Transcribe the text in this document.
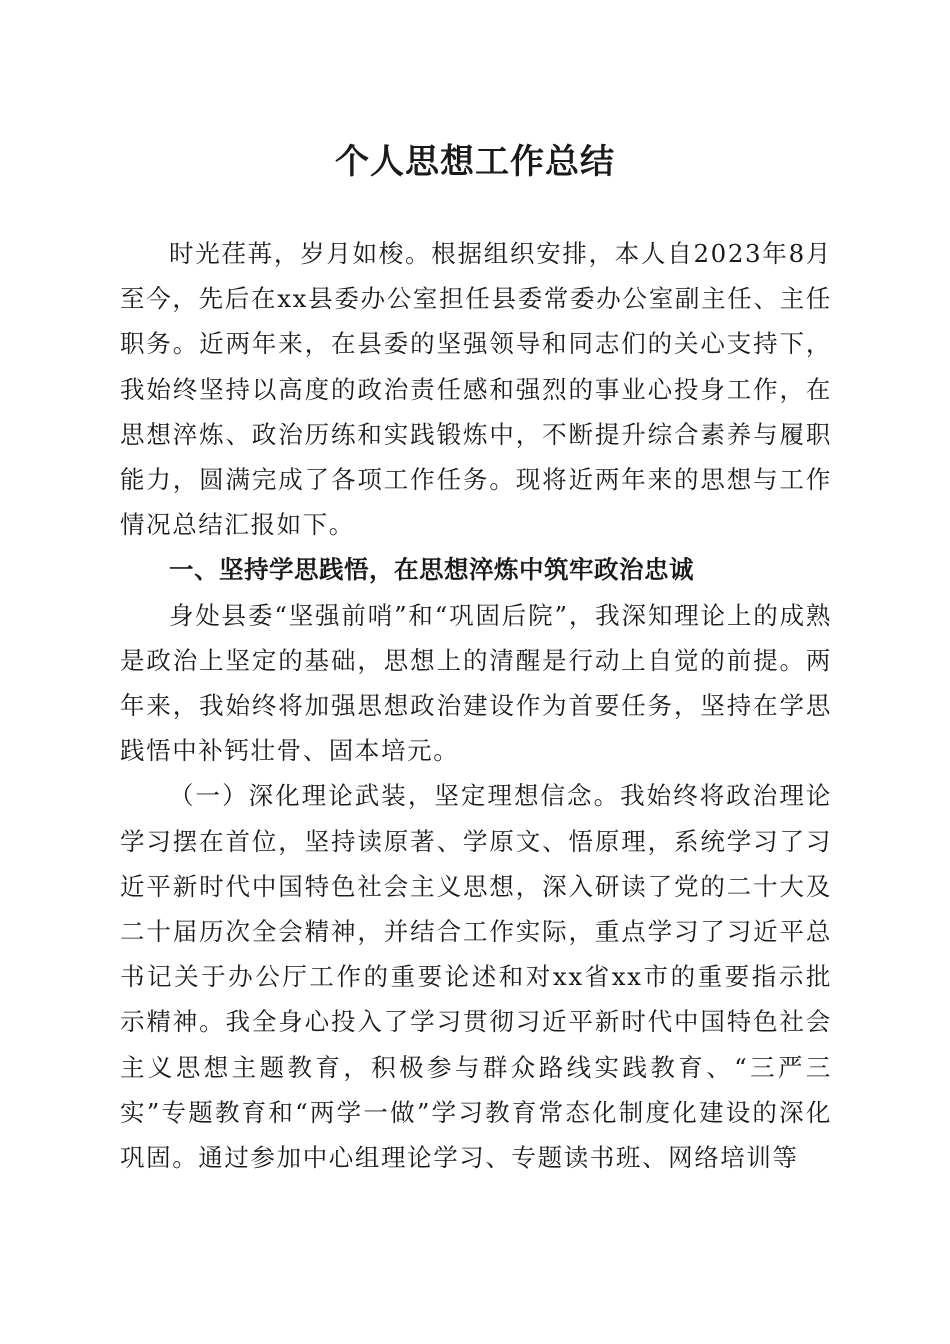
个人思想工作总结

时光荏苒，岁月如梭。根据组织安排，本人自2023年8月至今，先后在xx县委办公室担任县委常委办公室副主任、主任职务。近两年来，在县委的坚强领导和同志们的关心支持下，我始终坚持以高度的政治责任感和强烈的事业心投身工作，在思想淬炼、政治历练和实践锻炼中，不断提升综合素养与履职能力，圆满完成了各项工作任务。现将近两年来的思想与工作情况总结汇报如下。

一、坚持学思践悟，在思想淬炼中筑牢政治忠诚

身处县委“坚强前哨”和“巩固后院”，我深知理论上的成熟是政治上坚定的基础，思想上的清醒是行动上自觉的前提。两年来，我始终将加强思想政治建设作为首要任务，坚持在学思践悟中补钙壮骨、固本培元。

（一）深化理论武装，坚定理想信念。我始终将政治理论学习摆在首位，坚持读原著、学原文、悟原理，系统学习了习近平新时代中国特色社会主义思想，深入研读了党的二十大及二十届历次全会精神，并结合工作实际，重点学习了习近平总书记关于办公厅工作的重要论述和对xx省xx市的重要指示批示精神。我全身心投入了学习贯彻习近平新时代中国特色社会主义思想主题教育，积极参与群众路线实践教育、“三严三实”专题教育和“两学一做”学习教育常态化制度化建设的深化巩固。通过参加中心组理论学习、专题读书班、网络培训等
